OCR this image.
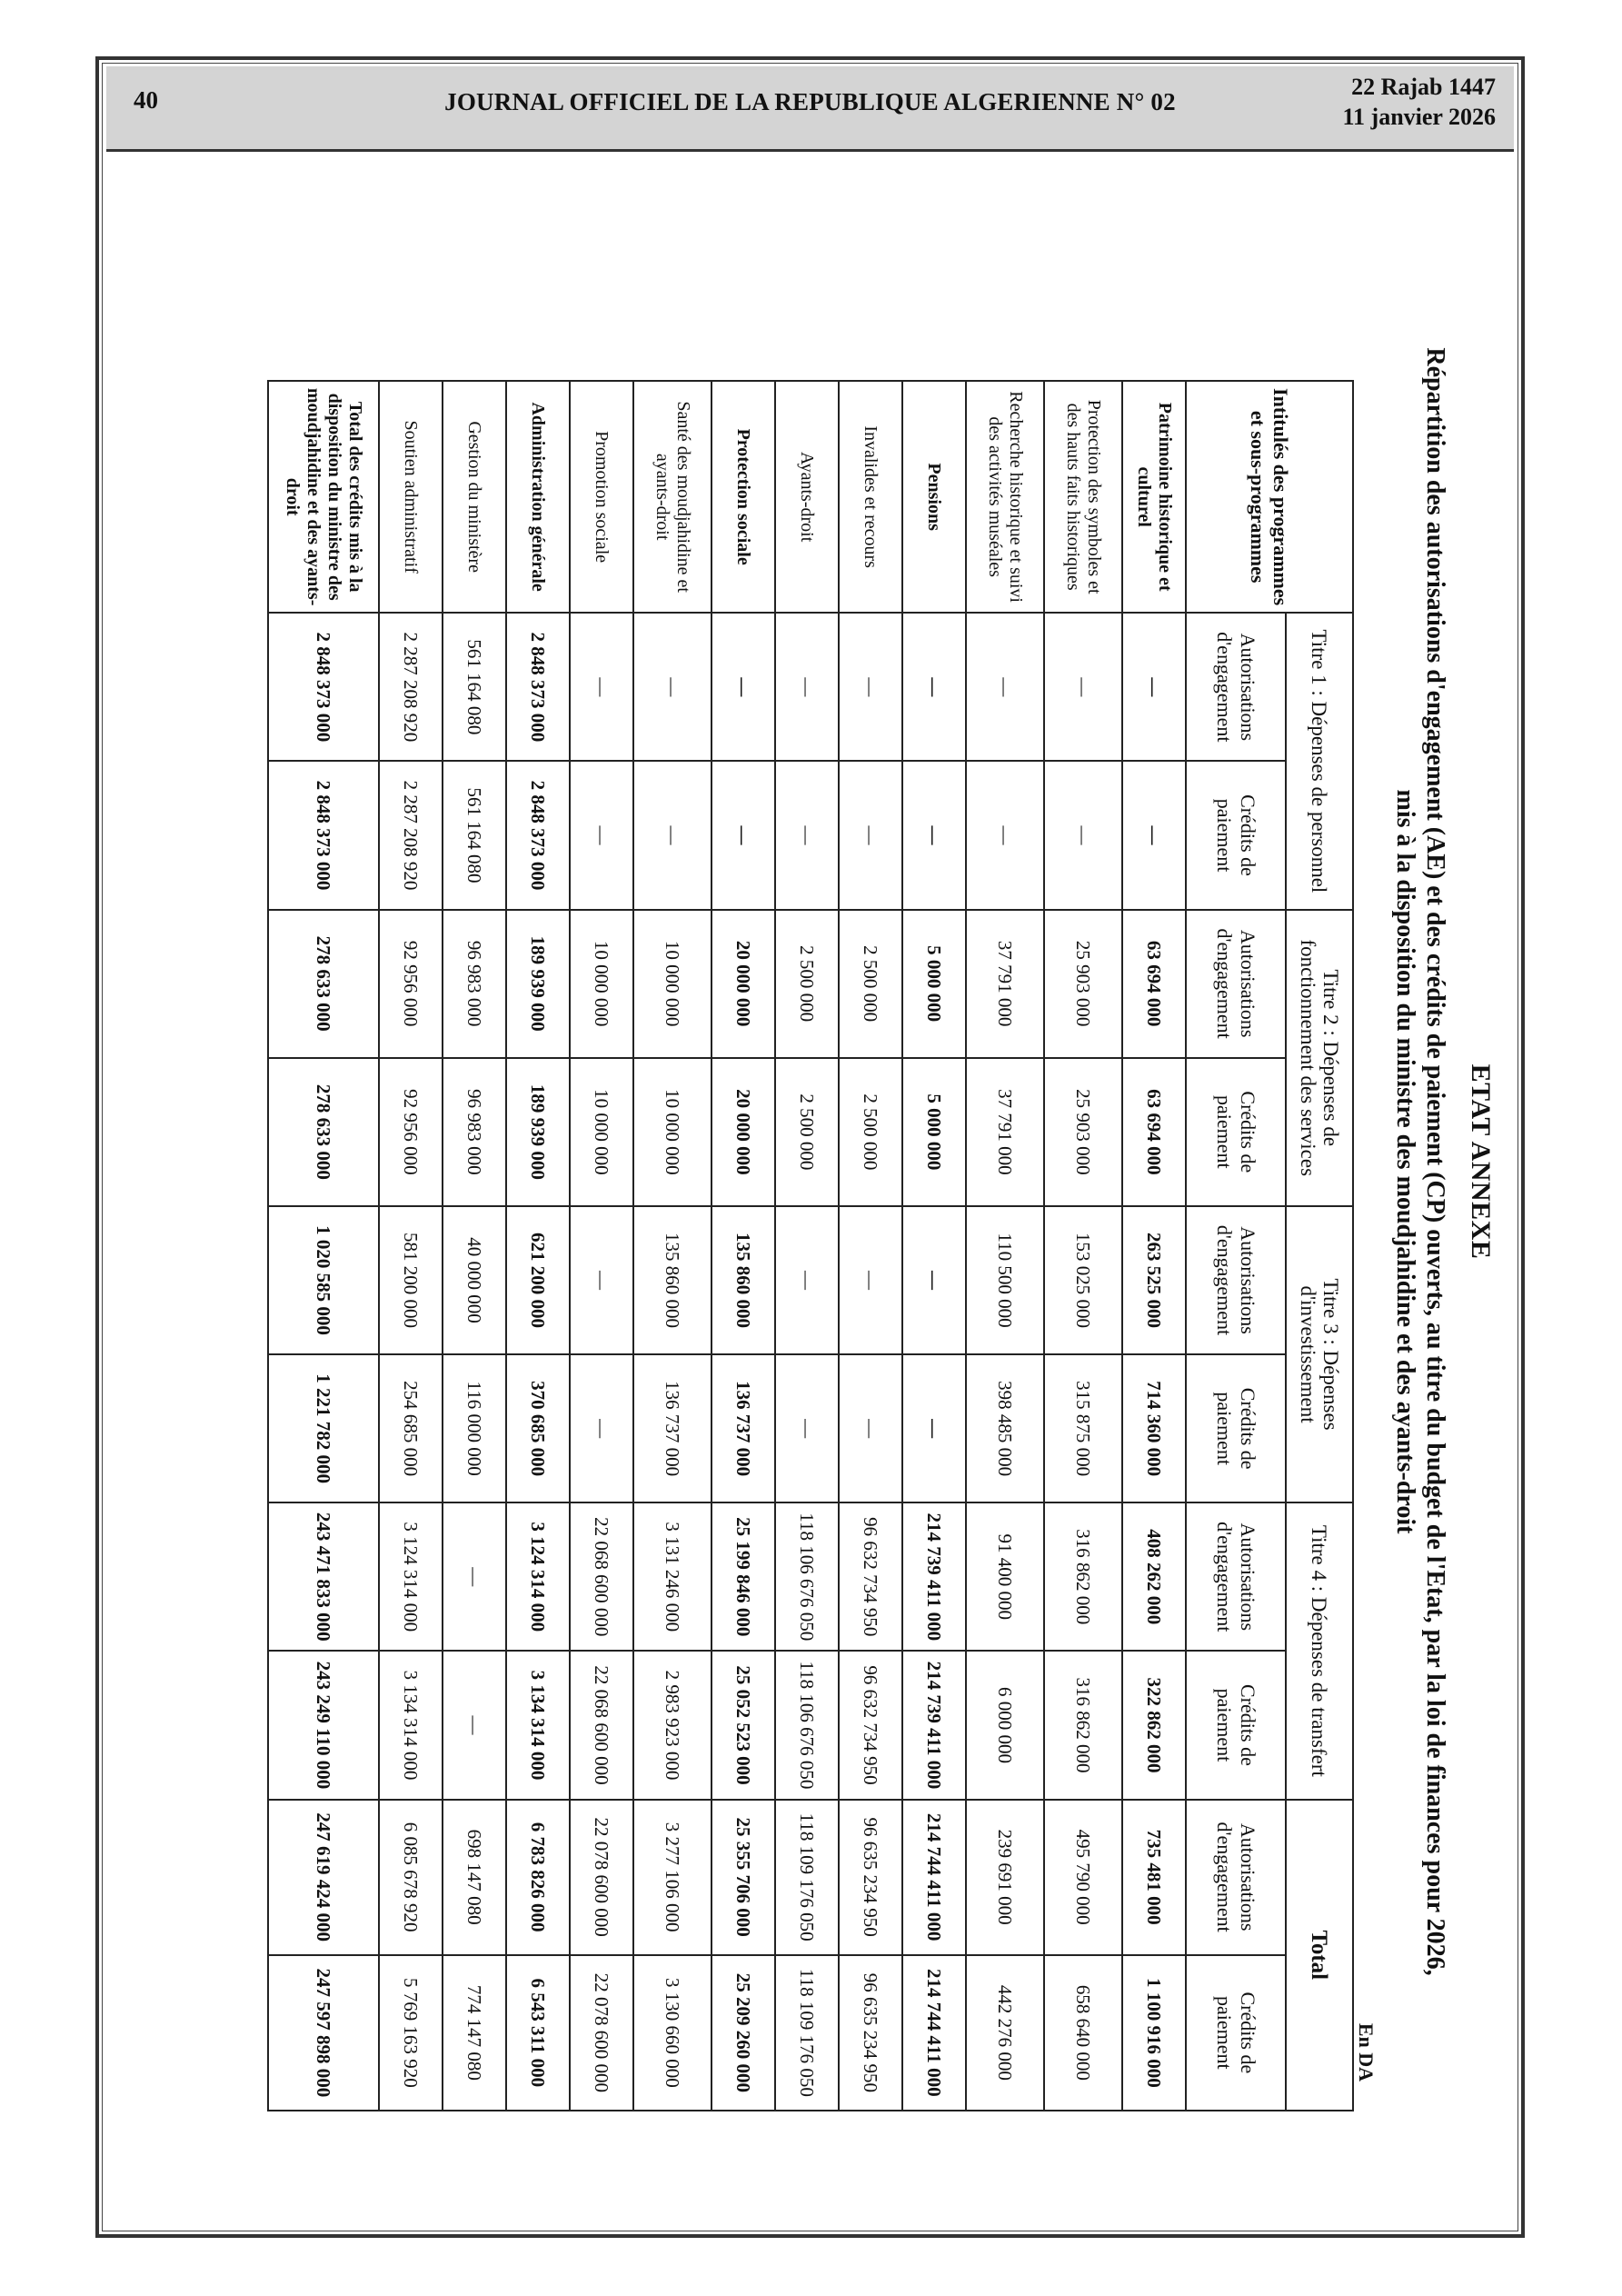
40	JOURNAL OFFICIEL DE LA REPUBLIQUE ALGERIENNE N° 02
22 Rajab 1447
11 janvier 2026
ETAT ANNEXE
Répartition des autorisations d'engagement (AE) et des crédits de paiement (CP) ouverts, au titre du budget de l'Etat, par la loi de finances pour 2026,
mis à la disposition du ministre des moudjahidine et des ayants-droit
En DA
Intitulés des programmes et sous-programmes	Titre 1 : Dépenses de personnel		Titre 2 : Dépenses de fonctionnement des services		Titre 3 : Dépenses d'investissement		Titre 4 : Dépenses de transfert		Total	
	Autorisations d'engagement	Crédits de paiement	Autorisations d'engagement	Crédits de paiement	Autorisations d'engagement	Crédits de paiement	Autorisations d'engagement	Crédits de paiement	Autorisations d'engagement	Crédits de paiement
Patrimoine historique et culturel	—	—	63 694 000	63 694 000	263 525 000	714 360 000	408 262 000	322 862 000	735 481 000	1 100 916 000
Protection des symboles et des hauts faits historiques	—	—	25 903 000	25 903 000	153 025 000	315 875 000	316 862 000	316 862 000	495 790 000	658 640 000
Recherche historique et suivi des activités muséales	—	—	37 791 000	37 791 000	110 500 000	398 485 000	91 400 000	6 000 000	239 691 000	442 276 000
Pensions	—	—	5 000 000	5 000 000	—	—	214 739 411 000	214 739 411 000	214 744 411 000	214 744 411 000
Invalides et recours	—	—	2 500 000	2 500 000	—	—	96 632 734 950	96 632 734 950	96 635 234 950	96 635 234 950
Ayants-droit	—	—	2 500 000	2 500 000	—	—	118 106 676 050	118 106 676 050	118 109 176 050	118 109 176 050
Protection sociale	—	—	20 000 000	20 000 000	135 860 000	136 737 000	25 199 846 000	25 052 523 000	25 355 706 000	25 209 260 000
Santé des moudjahidine et ayants-droit	—	—	10 000 000	10 000 000	135 860 000	136 737 000	3 131 246 000	2 983 923 000	3 277 106 000	3 130 660 000
Promotion sociale	—	—	10 000 000	10 000 000	—	—	22 068 600 000	22 068 600 000	22 078 600 000	22 078 600 000
Administration générale	2 848 373 000	2 848 373 000	189 939 000	189 939 000	621 200 000	370 685 000	3 124 314 000	3 134 314 000	6 783 826 000	6 543 311 000
Gestion du ministère	561 164 080	561 164 080	96 983 000	96 983 000	40 000 000	116 000 000	—	—	698 147 080	774 147 080
Soutien administratif	2 287 208 920	2 287 208 920	92 956 000	92 956 000	581 200 000	254 685 000	3 124 314 000	3 134 314 000	6 085 678 920	5 769 163 920
Total des crédits mis à la disposition du ministre des moudjahidine et des ayants-droit	2 848 373 000	2 848 373 000	278 633 000	278 633 000	1 020 585 000	1 221 782 000	243 471 833 000	243 249 110 000	247 619 424 000	247 597 898 000
